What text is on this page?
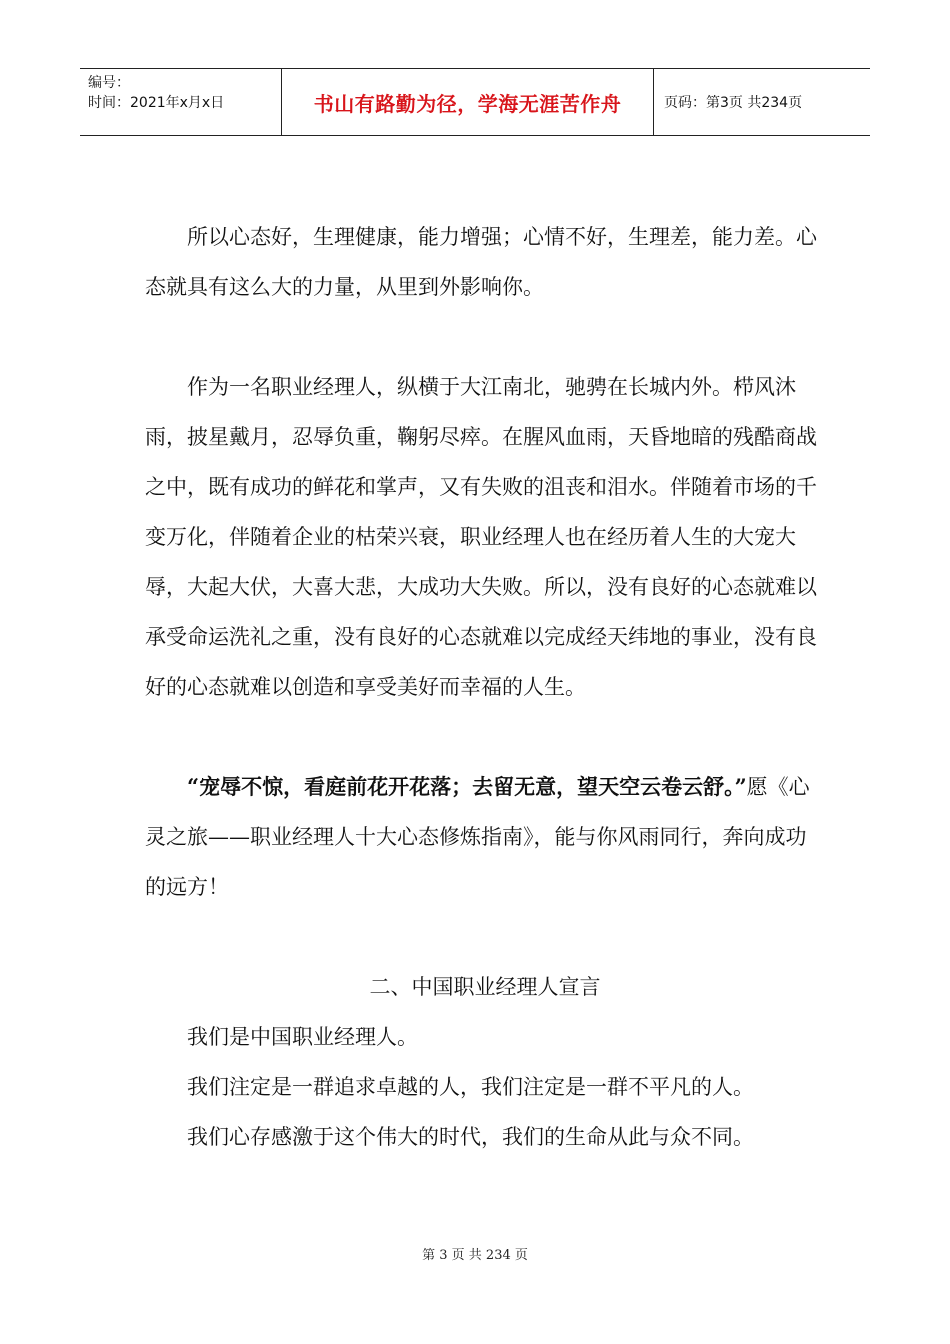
编号：
时间：2021年x月x日	书山有路勤为径，学海无涯苦作舟	页码：第3页 共234页

所以心态好，生理健康，能力增强；心情不好，生理差，能力差。心态就具有这么大的力量，从里到外影响你。

作为一名职业经理人，纵横于大江南北，驰骋在长城内外。栉风沐雨，披星戴月，忍辱负重，鞠躬尽瘁。在腥风血雨，天昏地暗的残酷商战之中，既有成功的鲜花和掌声，又有失败的沮丧和泪水。伴随着市场的千变万化，伴随着企业的枯荣兴衰，职业经理人也在经历着人生的大宠大辱，大起大伏，大喜大悲，大成功大失败。所以，没有良好的心态就难以承受命运洗礼之重，没有良好的心态就难以完成经天纬地的事业，没有良好的心态就难以创造和享受美好而幸福的人生。

“宠辱不惊，看庭前花开花落；去留无意，望天空云卷云舒。”愿《心灵之旅——职业经理人十大心态修炼指南》，能与你风雨同行，奔向成功的远方！

二、中国职业经理人宣言

我们是中国职业经理人。

我们注定是一群追求卓越的人，我们注定是一群不平凡的人。

我们心存感激于这个伟大的时代，我们的生命从此与众不同。

第 3 页 共 234 页
